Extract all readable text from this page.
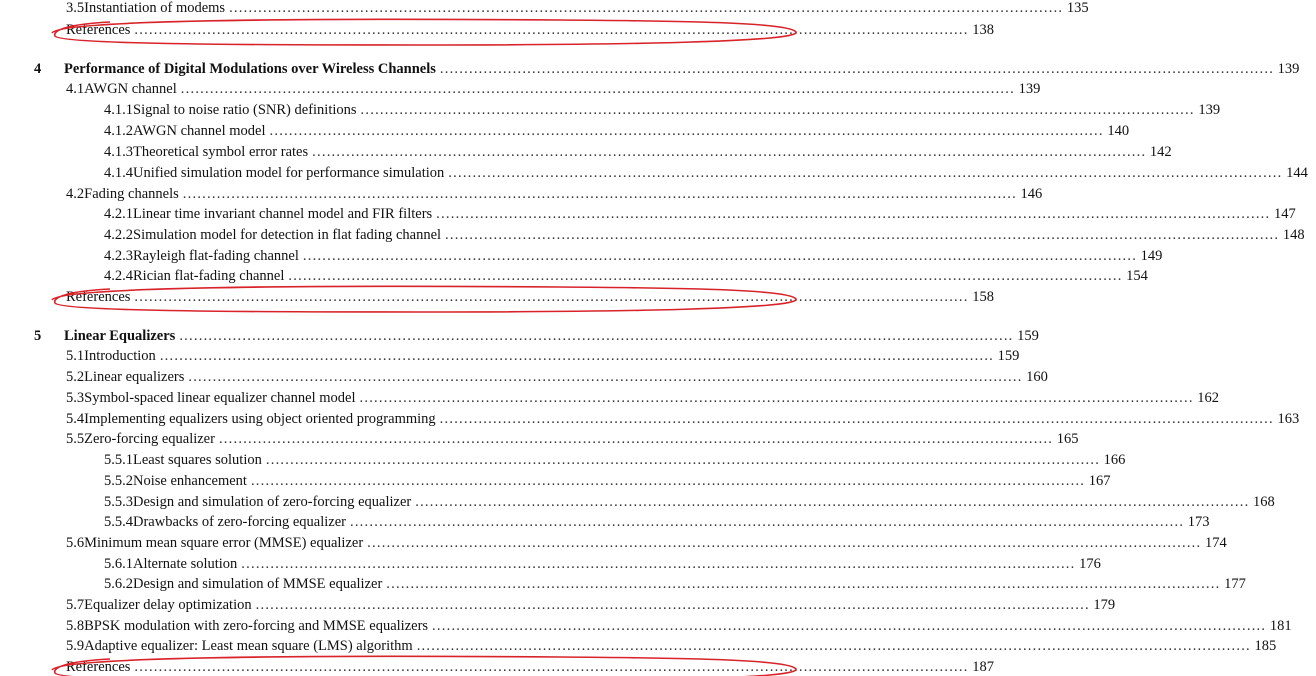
3.5 Instantiation of modems . . .	135
References . . .	138
4	Performance of Digital Modulations over Wireless Channels . . .	139
4.1 AWGN channel . . .	139
4.1.1 Signal to noise ratio (SNR) definitions . . .	139
4.1.2 AWGN channel model . . .	140
4.1.3 Theoretical symbol error rates . . .	142
4.1.4 Unified simulation model for performance simulation . . .	144
4.2 Fading channels . . .	146
4.2.1 Linear time invariant channel model and FIR filters . . .	147
4.2.2 Simulation model for detection in flat fading channel . . .	148
4.2.3 Rayleigh flat-fading channel . . .	149
4.2.4 Rician flat-fading channel . . .	154
References . . .	158
5	Linear Equalizers . . .	159
5.1 Introduction . . .	159
5.2 Linear equalizers . . .	160
5.3 Symbol-spaced linear equalizer channel model . . .	162
5.4 Implementing equalizers using object oriented programming . . .	163
5.5 Zero-forcing equalizer . . .	165
5.5.1 Least squares solution . . .	166
5.5.2 Noise enhancement . . .	167
5.5.3 Design and simulation of zero-forcing equalizer . . .	168
5.5.4 Drawbacks of zero-forcing equalizer . . .	173
5.6 Minimum mean square error (MMSE) equalizer . . .	174
5.6.1 Alternate solution . . .	176
5.6.2 Design and simulation of MMSE equalizer . . .	177
5.7 Equalizer delay optimization . . .	179
5.8 BPSK modulation with zero-forcing and MMSE equalizers . . .	181
5.9 Adaptive equalizer: Least mean square (LMS) algorithm . . .	185
References . . .	187
